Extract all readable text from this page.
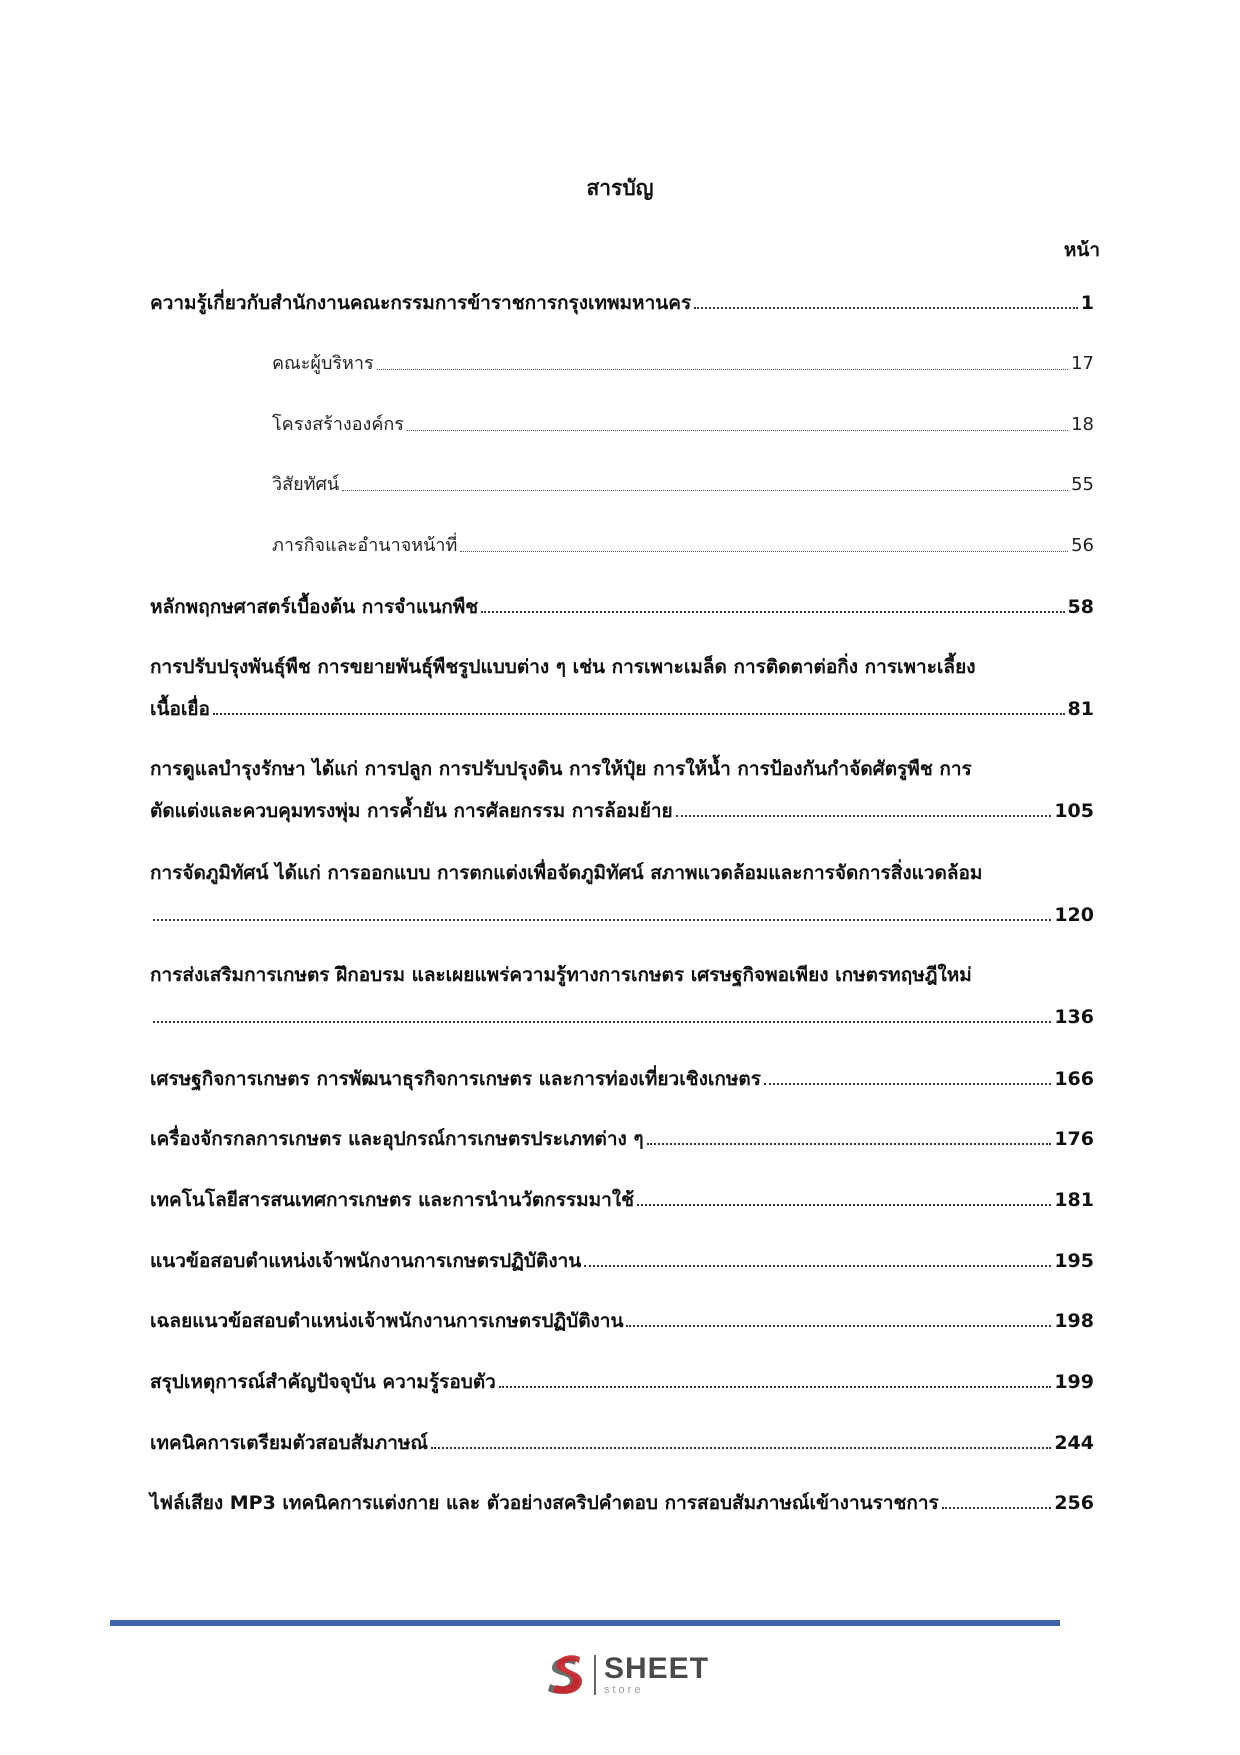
สารบัญ
หน้า
ความรู้เกี่ยวกับสำนักงานคณะกรรมการข้าราชการกรุงเทพมหานคร	1
คณะผู้บริหาร	17
โครงสร้างองค์กร	18
วิสัยทัศน์	55
ภารกิจและอำนาจหน้าที่	56
หลักพฤกษศาสตร์เบื้องต้น การจำแนกพืช	58
การปรับปรุงพันธุ์พืช การขยายพันธุ์พืชรูปแบบต่าง ๆ เช่น การเพาะเมล็ด การติดตาต่อกิ่ง การเพาะเลี้ยง
เนื้อเยื่อ	81
การดูแลบำรุงรักษา ได้แก่ การปลูก การปรับปรุงดิน การให้ปุ๋ย การให้น้ำ การป้องกันกำจัดศัตรูพืช การ
ตัดแต่งและควบคุมทรงพุ่ม การค้ำยัน การศัลยกรรม การล้อมย้าย	105
การจัดภูมิทัศน์ ได้แก่ การออกแบบ การตกแต่งเพื่อจัดภูมิทัศน์ สภาพแวดล้อมและการจัดการสิ่งแวดล้อม
120
การส่งเสริมการเกษตร ฝึกอบรม และเผยแพร่ความรู้ทางการเกษตร เศรษฐกิจพอเพียง เกษตรทฤษฎีใหม่
136
เศรษฐกิจการเกษตร การพัฒนาธุรกิจการเกษตร และการท่องเที่ยวเชิงเกษตร	166
เครื่องจักรกลการเกษตร และอุปกรณ์การเกษตรประเภทต่าง ๆ	176
เทคโนโลยีสารสนเทศการเกษตร และการนำนวัตกรรมมาใช้	181
แนวข้อสอบตำแหน่งเจ้าพนักงานการเกษตรปฏิบัติงาน	195
เฉลยแนวข้อสอบตำแหน่งเจ้าพนักงานการเกษตรปฏิบัติงาน	198
สรุปเหตุการณ์สำคัญปัจจุบัน ความรู้รอบตัว	199
เทคนิคการเตรียมตัวสอบสัมภาษณ์	244
ไฟล์เสียง MP3 เทคนิคการแต่งกาย และ ตัวอย่างสคริปคำตอบ การสอบสัมภาษณ์เข้างานราชการ	256
SHEET
store
